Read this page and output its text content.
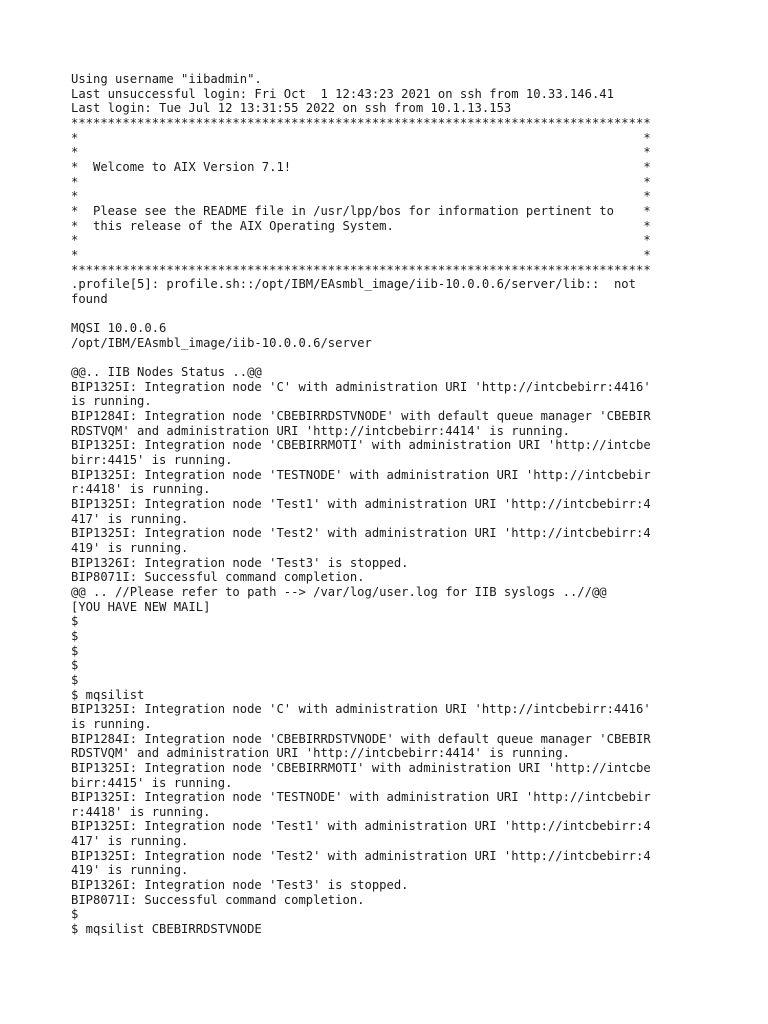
Using username "iibadmin".
Last unsuccessful login: Fri Oct  1 12:43:23 2021 on ssh from 10.33.146.41
Last login: Tue Jul 12 13:31:55 2022 on ssh from 10.1.13.153
*******************************************************************************
*                                                                             *
*                                                                             *
*  Welcome to AIX Version 7.1!                                                *
*                                                                             *
*                                                                             *
*  Please see the README file in /usr/lpp/bos for information pertinent to    *
*  this release of the AIX Operating System.                                  *
*                                                                             *
*                                                                             *
*******************************************************************************
.profile[5]: profile.sh::/opt/IBM/EAsmbl_image/iib-10.0.0.6/server/lib::  not
found

MQSI 10.0.0.6
/opt/IBM/EAsmbl_image/iib-10.0.0.6/server

@@.. IIB Nodes Status ..@@
BIP1325I: Integration node 'C' with administration URI 'http://intcbebirr:4416'
is running.
BIP1284I: Integration node 'CBEBIRRDSTVNODE' with default queue manager 'CBEBIR
RDSTVQM' and administration URI 'http://intcbebirr:4414' is running.
BIP1325I: Integration node 'CBEBIRRMOTI' with administration URI 'http://intcbe
birr:4415' is running.
BIP1325I: Integration node 'TESTNODE' with administration URI 'http://intcbebir
r:4418' is running.
BIP1325I: Integration node 'Test1' with administration URI 'http://intcbebirr:4
417' is running.
BIP1325I: Integration node 'Test2' with administration URI 'http://intcbebirr:4
419' is running.
BIP1326I: Integration node 'Test3' is stopped.
BIP8071I: Successful command completion.
@@ .. //Please refer to path --> /var/log/user.log for IIB syslogs ..//@@
[YOU HAVE NEW MAIL]
$
$
$
$
$
$ mqsilist
BIP1325I: Integration node 'C' with administration URI 'http://intcbebirr:4416'
is running.
BIP1284I: Integration node 'CBEBIRRDSTVNODE' with default queue manager 'CBEBIR
RDSTVQM' and administration URI 'http://intcbebirr:4414' is running.
BIP1325I: Integration node 'CBEBIRRMOTI' with administration URI 'http://intcbe
birr:4415' is running.
BIP1325I: Integration node 'TESTNODE' with administration URI 'http://intcbebir
r:4418' is running.
BIP1325I: Integration node 'Test1' with administration URI 'http://intcbebirr:4
417' is running.
BIP1325I: Integration node 'Test2' with administration URI 'http://intcbebirr:4
419' is running.
BIP1326I: Integration node 'Test3' is stopped.
BIP8071I: Successful command completion.
$
$ mqsilist CBEBIRRDSTVNODE
